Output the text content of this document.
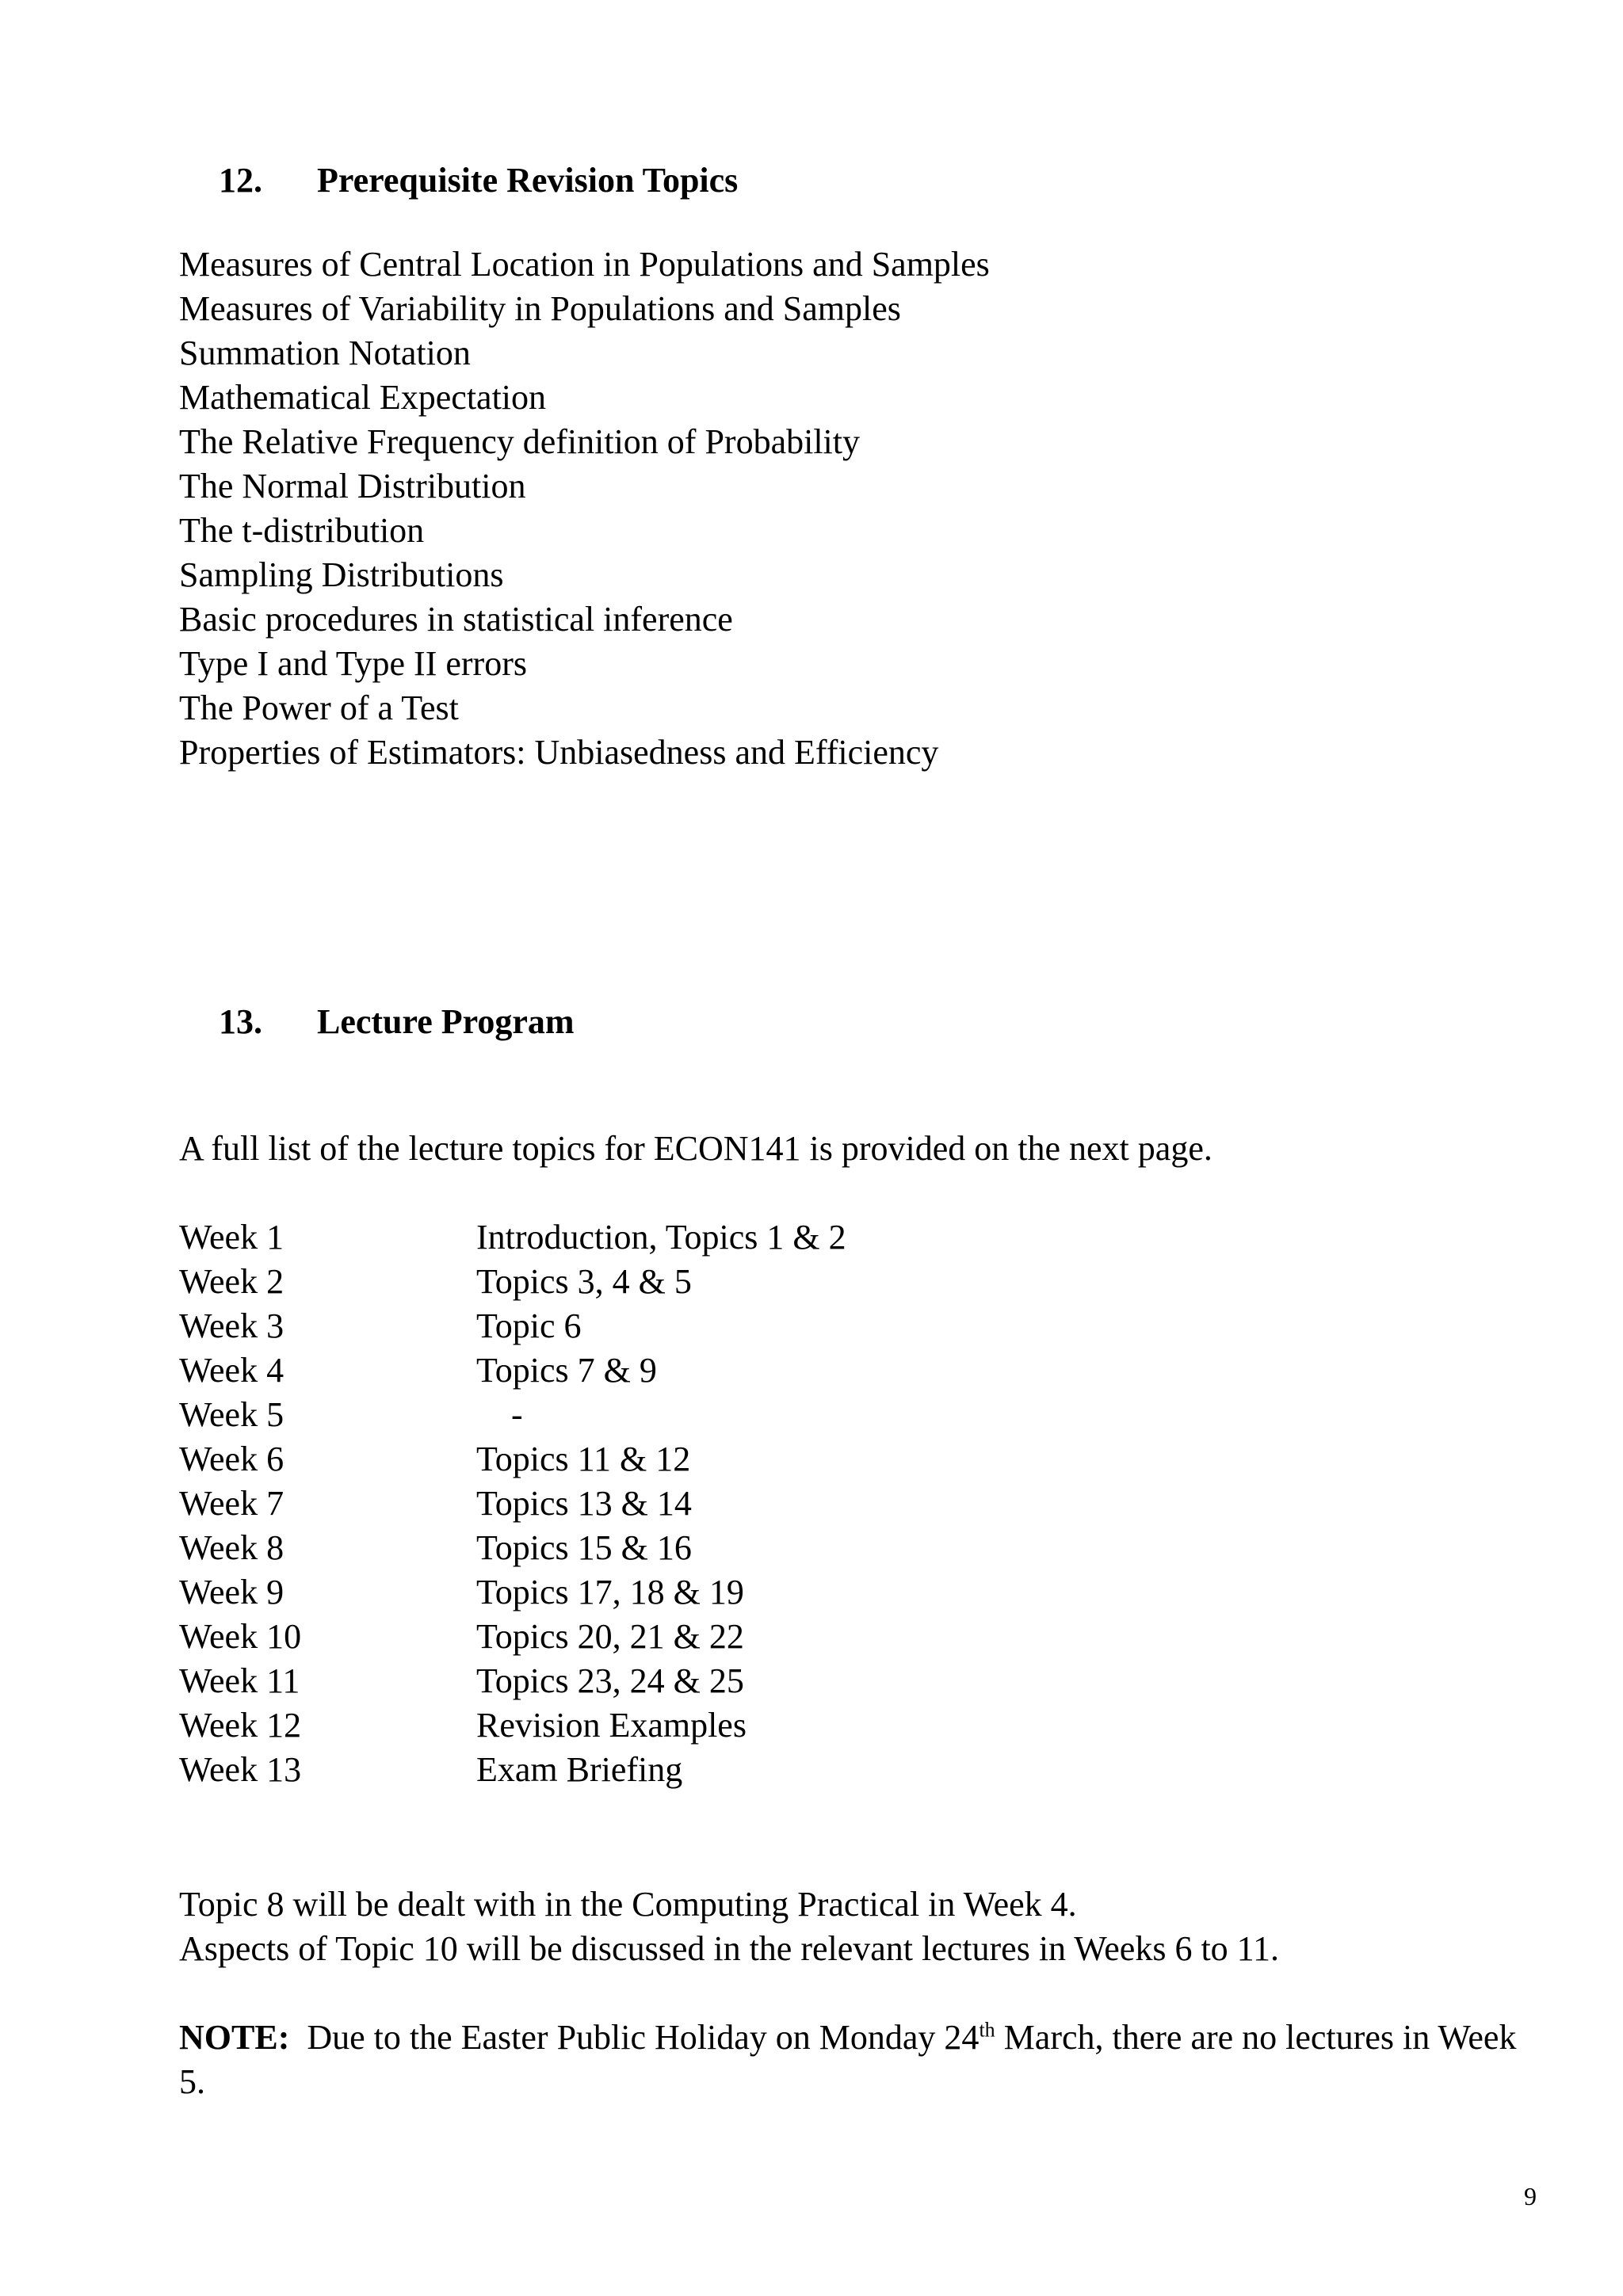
12. Prerequisite Revision Topics
Measures of Central Location in Populations and Samples
Measures of Variability in Populations and Samples
Summation Notation
Mathematical Expectation
The Relative Frequency definition of Probability
The Normal Distribution
The t-distribution
Sampling Distributions
Basic procedures in statistical inference
Type I and Type II errors
The Power of a Test
Properties of Estimators: Unbiasedness and Efficiency
13. Lecture Program
A full list of the lecture topics for ECON141 is provided on the next page.
Week 1	Introduction, Topics 1 & 2
Week 2	Topics 3, 4 & 5
Week 3	Topic 6
Week 4	Topics 7 & 9
Week 5	-
Week 6	Topics 11 & 12
Week 7	Topics 13 & 14
Week 8	Topics 15 & 16
Week 9	Topics 17, 18 & 19
Week 10	Topics 20, 21 & 22
Week 11	Topics 23, 24 & 25
Week 12	Revision Examples
Week 13	Exam Briefing
Topic 8 will be dealt with in the Computing Practical in Week 4.
Aspects of Topic 10 will be discussed in the relevant lectures in Weeks 6 to 11.
NOTE:  Due to the Easter Public Holiday on Monday 24th March, there are no lectures in Week 5.
9
